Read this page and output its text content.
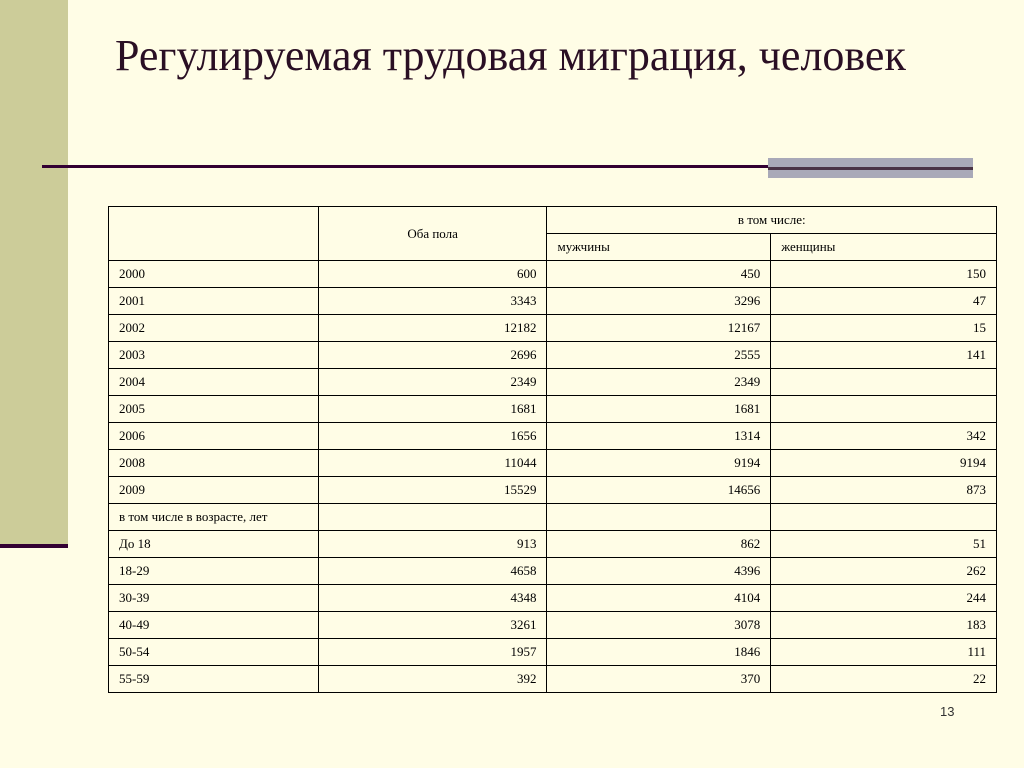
Регулируемая трудовая миграция, человек
	Оба пола	в том числе:	
		мужчины	женщины
2000	600	450	150
2001	3343	3296	47
2002	12182	12167	15
2003	2696	2555	141
2004	2349	2349	
2005	1681	1681	
2006	1656	1314	342
2008	11044	9194	9194
2009	15529	14656	873
в том числе в возрасте, лет			
До 18	913	862	51
18-29	4658	4396	262
30-39	4348	4104	244
40-49	3261	3078	183
50-54	1957	1846	111
55-59	392	370	22
13
